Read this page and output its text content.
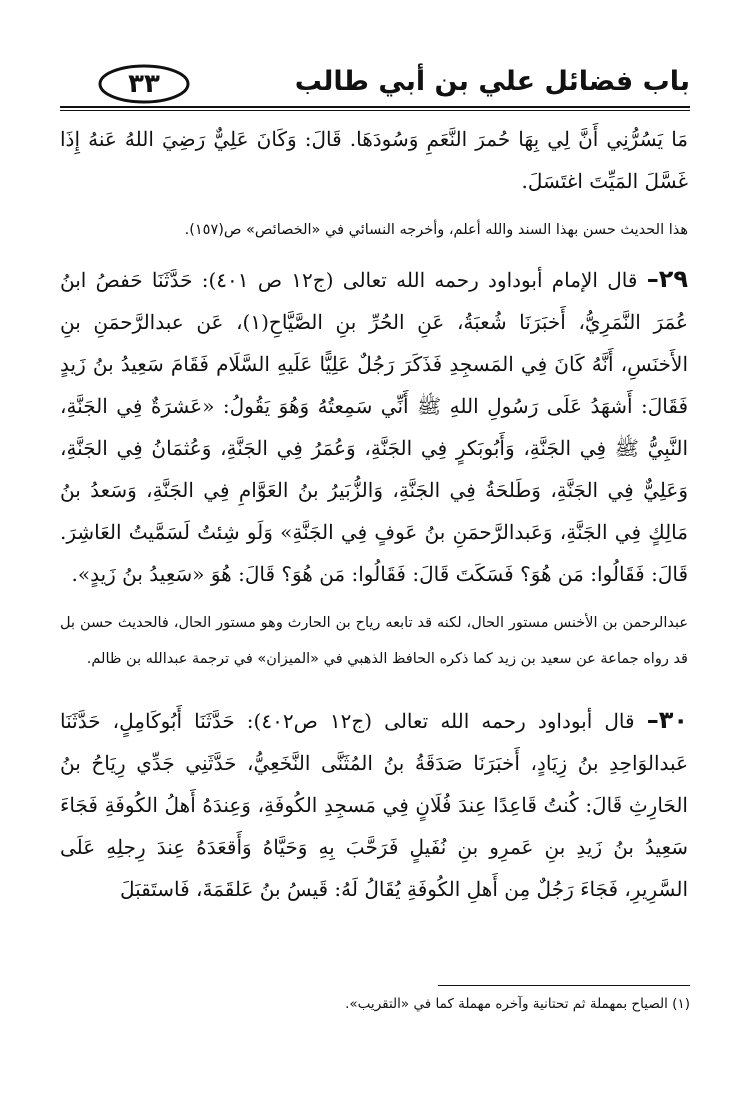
باب فضائل علي بن أبي طالب
٣٣

مَا يَسُرُّنِي أَنَّ لِي بِهَا حُمرَ النَّعَمِ وَسُودَهَا. قَالَ: وَكَانَ عَلِيٌّ رَضِيَ اللهُ عَنهُ إِذَا غَسَّلَ المَيِّتَ اغتَسَلَ.

هذا الحديث حسن بهذا السند والله أعلم، وأخرجه النسائي في «الخصائص» ص(١٥٧).

٢٩– قال الإمام أبوداود رحمه الله تعالى (ج١٢ ص ٤٠١): حَدَّثَنَا حَفصُ ابنُ عُمَرَ النَّمَرِيُّ، أَخبَرَنَا شُعبَةُ، عَنِ الحُرِّ بنِ الصَّيَّاحِ(١)، عَن عبدالرَّحمَنِ بنِ الأَخنَسِ، أَنَّهُ كَانَ فِي المَسجِدِ فَذَكَرَ رَجُلٌ عَلِيًّا عَلَيهِ السَّلَام فَقَامَ سَعِيدُ بنُ زَيدٍ فَقَالَ: أَشهَدُ عَلَى رَسُولِ اللهِ ﷺ أَنِّي سَمِعتُهُ وَهُوَ يَقُولُ: «عَشرَةٌ فِي الجَنَّةِ، النَّبِيُّ ﷺ فِي الجَنَّةِ، وَأَبُوبَكرٍ فِي الجَنَّةِ، وَعُمَرُ فِي الجَنَّةِ، وَعُثمَانُ فِي الجَنَّةِ، وَعَلِيٌّ فِي الجَنَّةِ، وَطَلحَةُ فِي الجَنَّةِ، وَالزُّبَيرُ بنُ العَوَّامِ فِي الجَنَّةِ، وَسَعدُ بنُ مَالِكٍ فِي الجَنَّةِ، وَعَبدالرَّحمَنِ بنُ عَوفٍ فِي الجَنَّةِ» وَلَو شِئتُ لَسَمَّيتُ العَاشِرَ. قَالَ: فَقَالُوا: مَن هُوَ؟ فَسَكَتَ قَالَ: فَقَالُوا: مَن هُوَ؟ قَالَ: هُوَ «سَعِيدُ بنُ زَيدٍ».

عبدالرحمن بن الأخنس مستور الحال، لكنه قد تابعه رياح بن الحارث وهو مستور الحال، فالحديث حسن بل قد رواه جماعة عن سعيد بن زيد كما ذكره الحافظ الذهبي في «الميزان» في ترجمة عبدالله بن ظالم.

٣٠– قال أبوداود رحمه الله تعالى (ج١٢ ص٤٠٢): حَدَّثَنَا أَبُوكَامِلٍ، حَدَّثَنَا عَبدالوَاحِدِ بنُ زِيَادٍ، أَخبَرَنَا صَدَقَةُ بنُ المُثَنَّى النَّخَعِيُّ، حَدَّثَنِي جَدِّي رِيَاحُ بنُ الحَارِثِ قَالَ: كُنتُ قَاعِدًا عِندَ فُلَانٍ فِي مَسجِدِ الكُوفَةِ، وَعِندَهُ أَهلُ الكُوفَةِ فَجَاءَ سَعِيدُ بنُ زَيدِ بنِ عَمرِو بنِ نُفَيلٍ فَرَحَّبَ بِهِ وَحَيَّاهُ وَأَقعَدَهُ عِندَ رِجلِهِ عَلَى السَّرِيرِ، فَجَاءَ رَجُلٌ مِن أَهلِ الكُوفَةِ يُقَالُ لَهُ: قَيسُ بنُ عَلقَمَةَ، فَاستَقبَلَ

(١) الصياح بمهملة ثم تحتانية وآخره مهملة كما في «التقريب».
